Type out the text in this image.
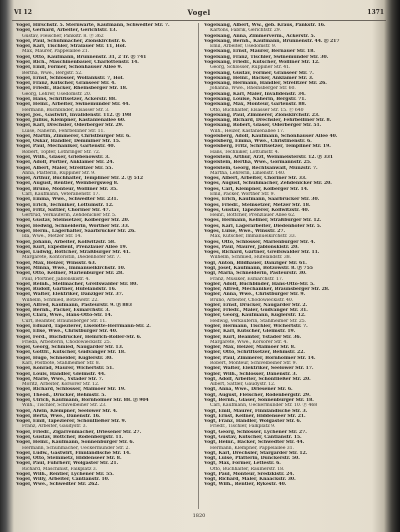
VI 12	Vogel	1371
Vogel, Hirschstr. 5. Sternwarte, Kaufmann, Schwedter Str. 7.
Vogel, Gerhard, Arbeiter, Gerichtstr. 13.
Gustav, Fleischer, Pankstr. 8. Ⓟ 362
Vogel, Paul, Schuhmacher, Zionskirchstr. 6.
Vogel, Karl, Tischler, Stralauer Str. 11, Hof.
Max, Maurer, Pappelallee 21.
Vogel, Otto, Kaufmann, Brunnenstr. 31, 2 Tr. Ⓟ 741
Vogel, Rich., Maschinenbauer, Charlottenstr. 14.
Vogel, Emil, Former, Schönhauser Allee 9.
Bertha, Wwe., Bergstr. 52.
Vogel, Ernst, Schlosser, Wollankstr. 7, Hof.
Vogel, Franz, Kutscher, Granseer Str. 4.
Vogel, Friedr., Bäcker, Rheinsberger Str. 18.
Georg, Lehrer, Usedomstr. 20.
Vogel, Hans, Schriftsetzer, Ackerstr. 88.
Vogel, Heinr., Arbeiter, Swinemünder Str. 44.
Hermann, Buchbinder, Elsasser Str. 3.
Vogel, Jos., Gastwirt, Invalidenstr. 112. Ⓟ 198
Vogel, Julius, Klempner, Kastanienallee 60.
Vogel, Karl, Drechsler, Oderberger Str. 29.
Luise, Näherin, Fehrbelliner Str. 11.
Vogel, Martin, Zimmerer, Christburger Str. 6.
Vogel, Oskar, Händler, Demminer Str. 15.
Vogel, Paul, Mechaniker, Gartenstr. 40.
Robert, Töpfer, Lothringer Str. 72.
Vogel, Wilh., Glaser, Griebenowstr. 3.
Vogel, Adolf, Portier, Anklamer Str. 24.
Vogel, Albert, Maler, Strelitzer Str. 55.
Anna, Plätterin, Ruppiner Str. 9.
Vogel, Arthur, Buchhalter, Templiner Str. 2. Ⓟ 512
Vogel, August, Rentier, Weinbergsweg 8.
Vogel, Bruno, Monteur, Wolliner Str. 35.
Carl, Kaufmann, Veteranenstr. 17.
Vogel, Emma, Wwe., Schwedter Str. 231.
Vogel, Erich, Techniker, Lottumstr. 12.
Vogel, Fritz, Sattler, Choriner Str. 47.
Gertrud, Verkäuferin, Zehdenicker Str. 5.
Vogel, Gustav, Steinsetzer, Kolberger Str. 20.
Vogel, Hedwig, Schneiderin, Wörther Str. 33.
Vogel, Herm., Lagerhalter, Saarbrücker Str. 26.
Ida, Wwe., Metzer Str. 14.
Vogel, Johann, Arbeiter, Kollwitzstr. 58.
Vogel, Kurt, Expedient, Prenzlauer Allee 19.
Vogel, Ludwig, Böttcher, Straßburger Str. 41.
Margarete, Kontoristin, Diedenhofer Str. 7.
Vogel, Max, Heizer, Winsstr. 63.
Vogel, Minna, Wwe., Immanuelkirchstr. 10.
Vogel, Otto, Kellner, Marienburger Str. 28.
Paul, Pförtner, Jablonskistr. 4.
Vogel, Reinh., Stellmacher, Greifswalder Str. 80.
Vogel, Rudolf, Gärtner, Hufelandstr. 16.
Vogel, Walter, Elektriker, Danziger Str. 37.
Wilhelm, Schmied, Bötzowstr. 22.
Vogel, Alfred, Kaufmann, Pasteurstr. 9. Ⓟ 883
Vogel, Bernh., Packer, Esmarchstr. 3.
Vogel, Clara, Wwe., Hans-Otto-Str. 14.
Curt, Beamter, Braunsberger Str. 11.
Vogel, Eduard, Tapezierer, Liselotte-Herrmann-Str. 2.
Vogel, Elise, Wwe., Christburger Str. 40.
Vogel, Ferd., Buchdrucker, Heinrich-Roller-Str. 6.
Frieda, Arbeiterin, Chodowieckistr. 25.
Vogel, Georg, Schmied, Naugarder Str. 13.
Vogel, Gottfr., Kutscher, Gudvanger Str. 18.
Vogel, Hugo, Schneider, Kuglerstr. 30.
Karl, Postbote, Stahlheimer Str. 8.
Vogel, Konrad, Maurer, Wichertstr. 51.
Vogel, Louis, Händler, Gleimstr. 44.
Vogel, Marie, Wwe., Ystader Str. 7.
Moritz, Arbeiter, Korsörer Str. 12.
Vogel, Richard, Schlosser, Malmöer Str. 19.
Vogel, Theod., Drucker, Behmstr. 5.
Vogel, Ulrich, Kaufmann, Bornholmer Str. 88. Ⓟ 904
Wilh., Tischler, Schivelbeiner Str. 23.
Vogel, Alwin, Klempner, Seelower Str. 4.
Vogel, Berta, Wwe., Dänenstr. 16.
Vogel, Emil, Tapezierer, Schönfließer Str. 9.
Franz, Arbeiter, Gaudystr. 3.
Vogel, Friedr., Zigarrenmacher, Driesener Str. 27.
Vogel, Gustav, Böttcher, Rodenbergstr. 11.
Vogel, Heinr., Kaufmann, Sonnenburger Str. 6.
Hermann, Schuhmacher, Ueckermünder Str. 2.
Vogel, Ludw., Gastwirt, Finnländische Str. 14.
Vogel, Otto, Steinmetz, Hiddenseer Str. 8.
Vogel, Paul, Fuhrherr, Wolgaster Str. 21.
Richard, Maschinist, Falkplatz 3.
Vogel, Wilh., Rentier, Lychener Str. 55.
Vogel, Willy, Arbeiter, Cantianstr. 10.
Vogel, Wwe., Schwedter Str. 262.
Vogelsang, Albert, Ww., geb. Kraus, Pankstr. 16.
Kartons, Fabrik, Gerichtstr. 29.
Vogelsang, Anna, Zimmerverm., Ackerstr. 5.
Vogelsang, Bernh., Kaufmann, Brunnenstr. 44. Ⓟ 217
Emil, Arbeiter, Usedomstr. 9.
Vogelsang, Ernst, Maurer, Bernauer Str. 18.
Vogelsang, Franz, Tischler, Swinemünder Str. 30.
Vogelsang, Friedr., Kutscher, Wolliner Str. 12.
Georg, Schlosser, Ruppiner Str. 41.
Vogelsang, Gustav, Former, Granseer Str. 7.
Vogelsang, Heinr., Bäcker, Anklamer Str. 3.
Vogelsang, Hermann, Händler, Strelitzer Str. 26.
Johanna, Wwe., Rheinsberger Str. 60.
Vogelsang, Karl, Maler, Invalidenstr. 34.
Vogelsang, Louise, Näherin, Bergstr. 71.
Vogelsang, Max, Monteur, Gartenstr. 88.
Otto, Buchhalter, Elsasser Str. 15. Ⓟ 640
Vogelsang, Paul, Zimmerer, Zionskirchstr. 23.
Vogelsang, Richard, Drechsler, Fehrbelliner Str. 8.
Vogelsang, Robert, Glaser, Oderberger Str. 51.
Wilh., Heizer, Kastanienallee 17.
Vogelsberg, Adolf, Kaufmann, Schönhauser Allee 40.
Vogelsberg, Emma, Wwe., Christinenstr. 6.
Vogelsberg, Fritz, Schriftsetzer, Templiner Str. 19.
Hans, Techniker, Lottumstr. 4.
Vogelstein, Arthur, Arzt, Weinmeisterstr. 12. Ⓟ 331
Vogelstein, Bertha, Wwe., Gormannstr. 25.
Vogelstein, Georg, Rechtsanwalt, Münzstr. 7.
Martha, Lehrerin, Linienstr. 140.
Voges, Albert, Arbeiter, Choriner Str. 33.
Voges, August, Schuhmacher, Zehdenicker Str. 20.
Voges, Carl, Klempner, Kolberger Str. 14.
Emil, Packer, Wörther Str. 9.
Voges, Erich, Kaufmann, Saarbrücker Str. 30.
Voges, Friedr., Steinsetzer, Metzer Str. 18.
Voges, Gustav, Tapezierer, Kollwitzstr. 40.
Heinr., Böttcher, Prenzlauer Allee 62.
Voges, Hermann, Kellner, Straßburger Str. 12.
Voges, Karl, Lagerarbeiter, Diedenhofer Str. 5.
Voges, Luise, Wwe., Winsstr. 27.
Max, Kutscher, Immanuelkirchstr. 33.
Voges, Otto, Schlosser, Marienburger Str. 4.
Voges, Paul, Maurer, Jablonskistr. 20.
Voges, Richard, Gärtner, Greifswalder Str. 11.
Wilhelm, Schmied, Hufelandstr. 38.
Vogl, Anton, Bildhauer, Danziger Str. 61.
Vogl, Josef, Kaufmann, Bötzowstr. 8. Ⓟ 755
Vogl, Maria, Schneiderin, Pasteurstr. 30.
Franz, Musiker, Esmarchstr. 17.
Vogler, Adolf, Buchbinder, Hans-Otto-Str. 5.
Vogler, Alfred, Mechaniker, Braunsberger Str. 28.
Vogler, Anna, Wwe., Christburger Str. 9.
Bruno, Arbeiter, Chodowieckistr. 40.
Vogler, Ernst, Drucker, Naugarder Str. 2.
Vogler, Friedr., Maler, Gudvanger Str. 31.
Vogler, Georg, Kaufmann, Kuglerstr. 12.
Hedwig, Verkäuferin, Stahlheimer Str. 25.
Vogler, Hermann, Tischler, Wichertstr. 7.
Vogler, Karl, Kutscher, Gleimstr. 19.
Vogler, Kurt, Beamter, Ystader Str. 36.
Margarete, Wwe., Korsörer Str. 4.
Vogler, Max, Heizer, Malmöer Str. 8.
Vogler, Otto, Schriftsetzer, Behmstr. 22.
Vogler, Paul, Zimmerer, Bornholmer Str. 14.
Robert, Monteur, Schivelbeiner Str. 9.
Vogler, Walter, Elektriker, Seelower Str. 17.
Vogler, Wilh., Schlosser, Dänenstr. 3.
Vogt, Adolf, Arbeiter, Schönfließer Str. 20.
Albert, Sattler, Gaudystr. 12.
Vogt, Anna, Wwe., Driesener Str. 6.
Vogt, August, Fleischer, Rodenbergstr. 29.
Vogt, Bernh., Glaser, Sonnenburger Str. 18.
Carl, Kaufmann, Ueckermünder Str. 10. Ⓟ 468
Vogt, Emil, Maurer, Finnländische Str. 3.
Vogt, Ernst, Kellner, Hiddenseer Str. 21.
Vogt, Franz, Händler, Wolgaster Str. 6.
Friedr., Tischler, Falkplatz 9.
Vogt, Georg, Schlosser, Lychener Str. 27.
Vogt, Gustav, Kutscher, Cantianstr. 15.
Vogt, Heinr., Bäcker, Schwedter Str. 44.
Hermann, Klempner, Pappelallee 31.
Vogt, Karl, Drechsler, Stargarder Str. 12.
Vogt, Luise, Plätterin, Dunckerstr. 50.
Vogt, Max, Former, Lettestr. 6.
Otto, Buchhalter, Raumerstr. 18.
Vogt, Paul, Monteur, Sredzkistr. 24.
Vogt, Richard, Maler, Knaackstr. 30.
Vogt, Wilh., Rentier, Rykestr. 40.
1820
